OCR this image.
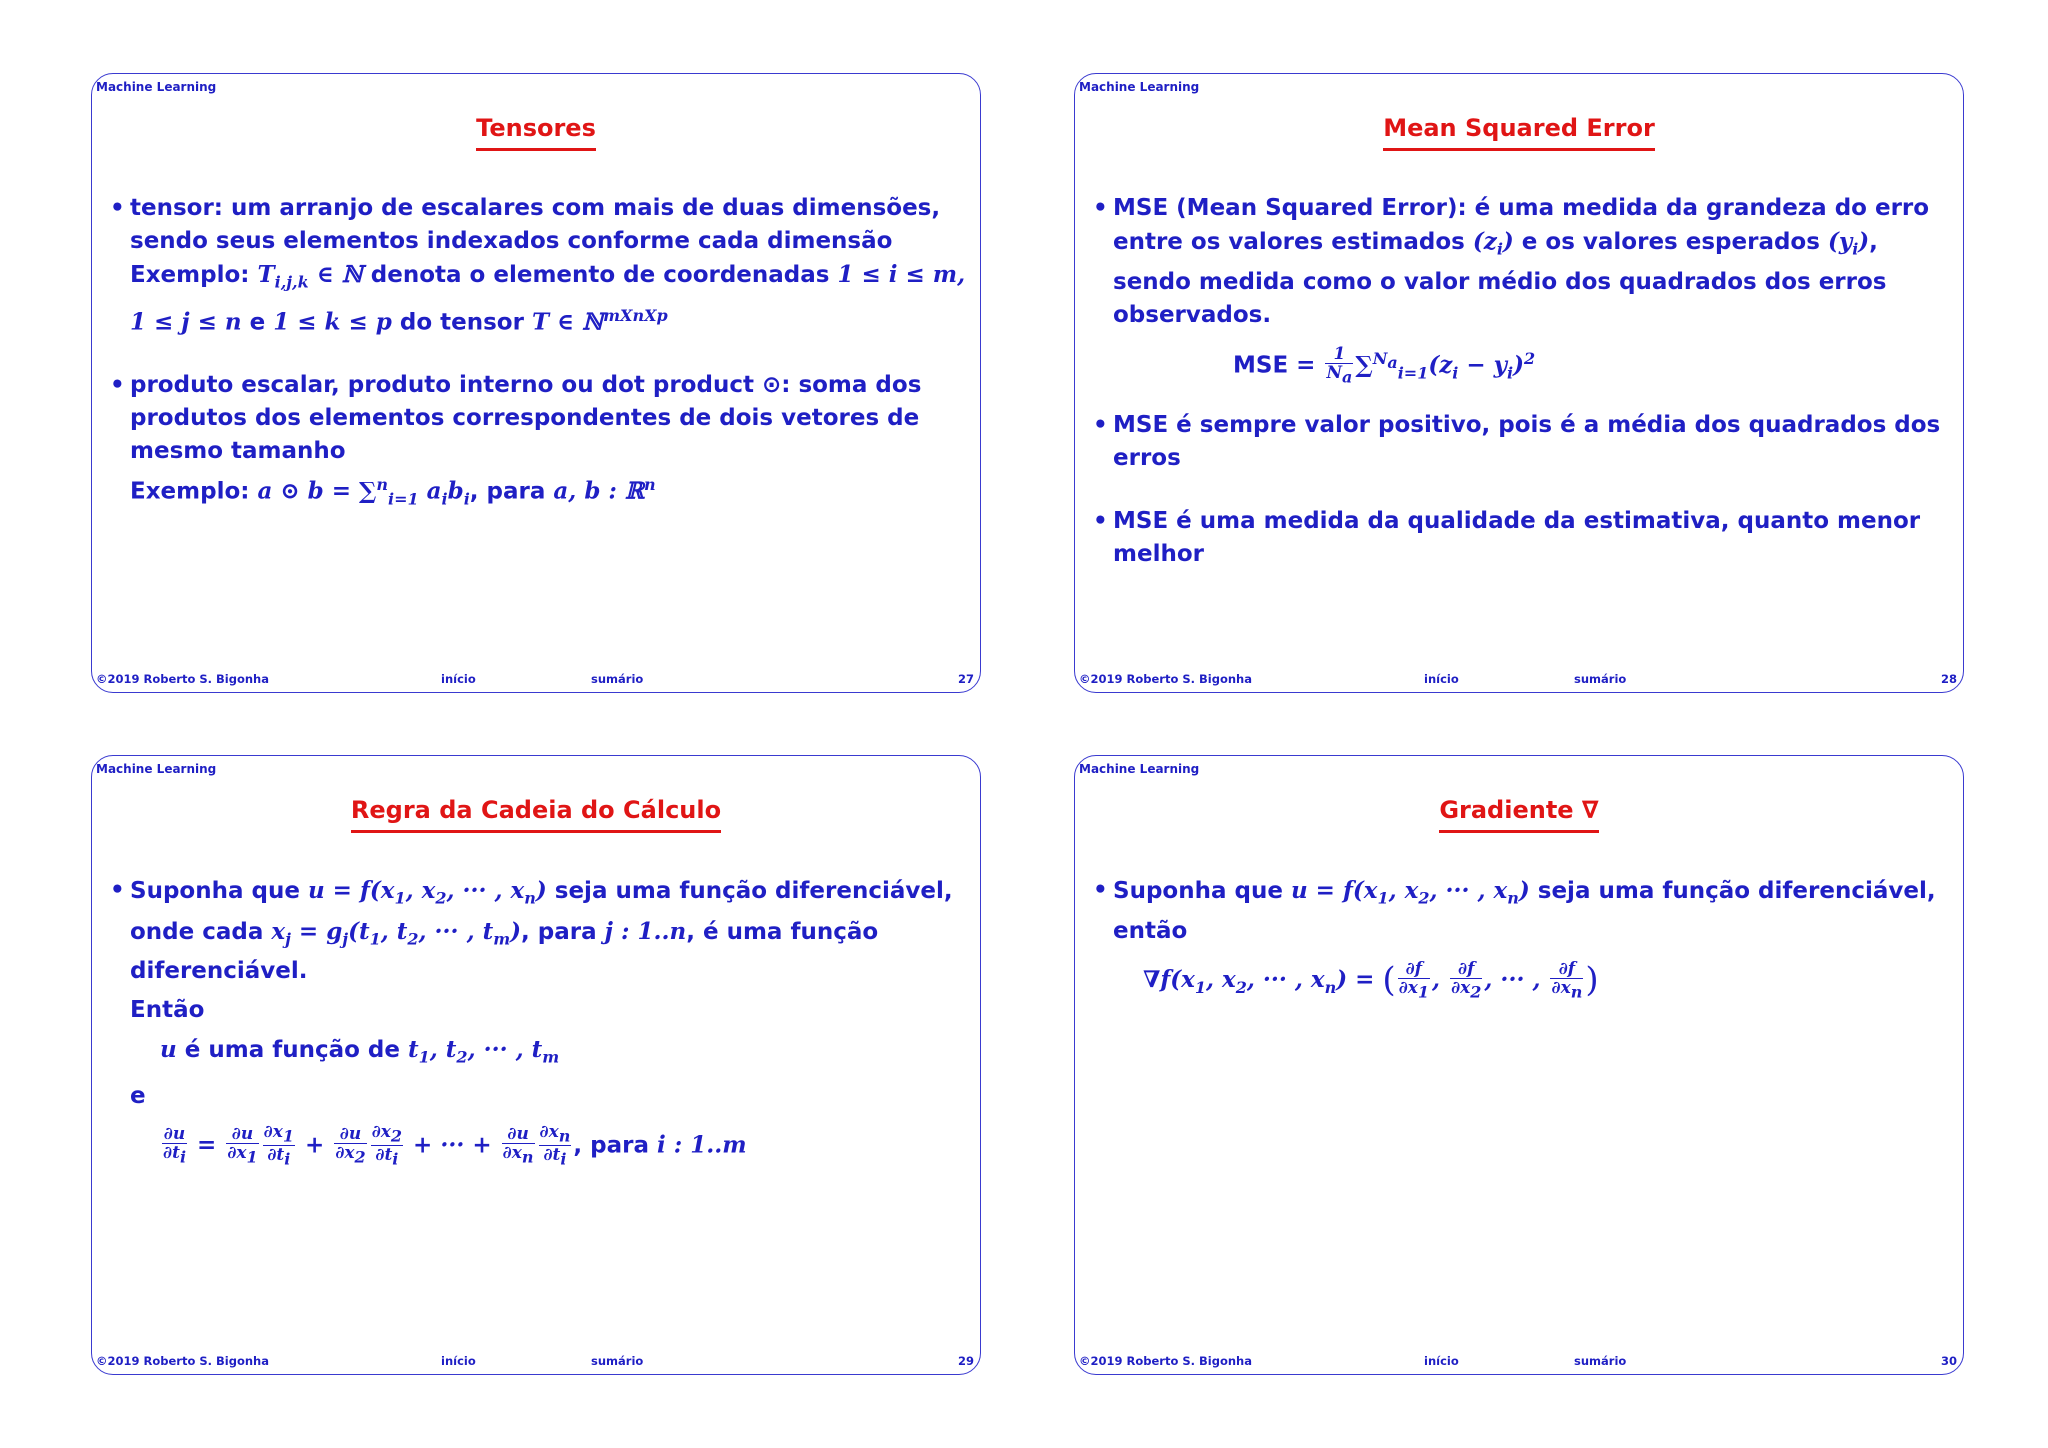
Machine Learning
Tensores
• tensor: um arranjo de escalares com mais de duas dimensões, sendo seus elementos indexados conforme cada dimensão
Exemplo: $T_{i,j,k}$ ∈ ℕ denota o elemento de coordenadas 1 ≤ i ≤ m,
1 ≤ j ≤ n e 1 ≤ k ≤ p do tensor T ∈ ℕ$^{mXnXp}$
• produto escalar, produto interno ou dot product ⊙: soma dos produtos dos elementos correspondentes de dois vetores de mesmo tamanho
Exemplo: a ⊙ b = ∑$^n_{i=1}$ $a_ib_i$, para a, b : ℝ$^n$
©2019 Roberto S. Bigonha	início	sumário	27
Machine Learning
Mean Squared Error
• MSE (Mean Squared Error): é uma medida da grandeza do erro entre os valores estimados $(z_i)$ e os valores esperados $(y_i)$, sendo medida como o valor médio dos quadrados dos erros observados.
MSE = $\frac{1}{N_a} \sum^{N_a}_{i=1}(z_i - y_i)^2$
• MSE é sempre valor positivo, pois é a média dos quadrados dos erros
• MSE é uma medida da qualidade da estimativa, quanto menor melhor
©2019 Roberto S. Bigonha	início	sumário	28
Machine Learning
Regra da Cadeia do Cálculo
• Suponha que $u = f(x_1$, $x_2$, ··· , $x_n$) seja uma função diferenciável, onde cada $x_j = g_j(t_1$, $t_2$, ··· , $t_m$), para j : 1..n, é uma função diferenciável.
Então
u é uma função de $t_1$, $t_2$, ··· , $t_m$
e
$\frac{\partial u}{\partial t_i} = \frac{\partial u}{\partial x_1} \frac{\partial x_1}{\partial t_i} + \frac{\partial u}{\partial x_2} \frac{\partial x_2}{\partial t_i}$ + ··· + $\frac{\partial u}{\partial x_n} \frac{\partial x_n}{\partial t_i}$ , para i : 1..m
©2019 Roberto S. Bigonha	início	sumário	29
Machine Learning
Gradiente ∇
• Suponha que $u = f(x_1$, $x_2$, ··· , $x_n$) seja uma função diferenciável, então
$\nabla f(x_1$, $x_2$, ··· , $x_n$) = ( $\frac{\partial f}{\partial x_1}$ , $\frac{\partial f}{\partial x_2}$ , ··· , $\frac{\partial f}{\partial x_n}$ )
©2019 Roberto S. Bigonha	início	sumário	30
